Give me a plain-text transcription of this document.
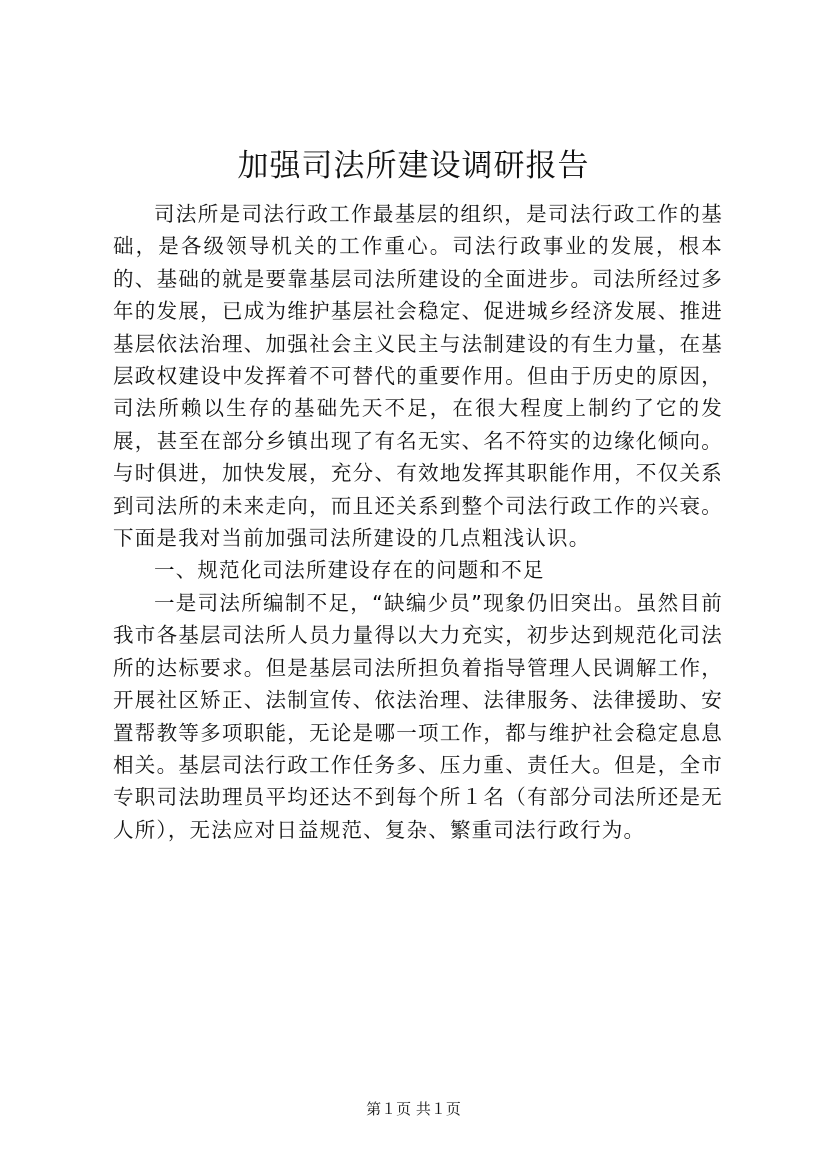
加强司法所建设调研报告

司法所是司法行政工作最基层的组织，是司法行政工作的基础，是各级领导机关的工作重心。司法行政事业的发展，根本的、基础的就是要靠基层司法所建设的全面进步。司法所经过多年的发展，已成为维护基层社会稳定、促进城乡经济发展、推进基层依法治理、加强社会主义民主与法制建设的有生力量，在基层政权建设中发挥着不可替代的重要作用。但由于历史的原因，司法所赖以生存的基础先天不足，在很大程度上制约了它的发展，甚至在部分乡镇出现了有名无实、名不符实的边缘化倾向。与时俱进，加快发展，充分、有效地发挥其职能作用，不仅关系到司法所的未来走向，而且还关系到整个司法行政工作的兴衰。下面是我对当前加强司法所建设的几点粗浅认识。

一、规范化司法所建设存在的问题和不足

一是司法所编制不足，“缺编少员”现象仍旧突出。虽然目前我市各基层司法所人员力量得以大力充实，初步达到规范化司法所的达标要求。但是基层司法所担负着指导管理人民调解工作，开展社区矫正、法制宣传、依法治理、法律服务、法律援助、安置帮教等多项职能，无论是哪一项工作，都与维护社会稳定息息相关。基层司法行政工作任务多、压力重、责任大。但是，全市专职司法助理员平均还达不到每个所１名（有部分司法所还是无人所），无法应对日益规范、复杂、繁重司法行政行为。

第１页 共１页
